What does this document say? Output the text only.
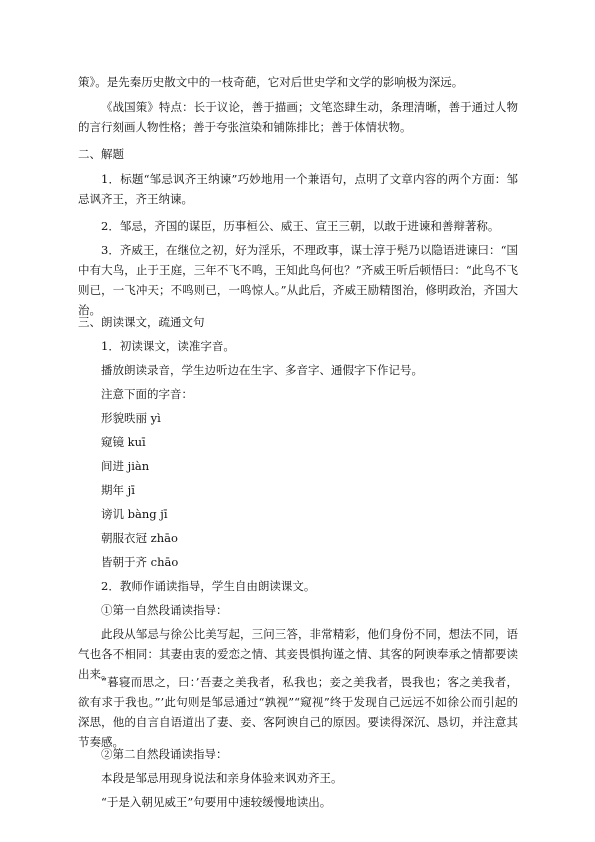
策》。是先秦历史散文中的一枝奇葩，它对后世史学和文学的影响极为深远。

《战国策》特点：长于议论，善于描画；文笔恣肆生动，条理清晰，善于通过人物的言行刻画人物性格；善于夸张渲染和铺陈排比；善于体情状物。

二、解题

1．标题“邹忌讽齐王纳谏”巧妙地用一个兼语句，点明了文章内容的两个方面：邹忌讽齐王，齐王纳谏。

2．邹忌，齐国的谋臣，历事桓公、威王、宣王三朝，以敢于进谏和善辩著称。

3．齐威王，在继位之初，好为淫乐，不理政事，谋士淳于髡乃以隐语进谏曰：“国中有大鸟，止于王庭，三年不飞不鸣，王知此鸟何也？”齐威王听后顿悟曰：“此鸟不飞则已，一飞冲天；不鸣则已，一鸣惊人。”从此后，齐威王励精图治，修明政治，齐国大治。

三、朗读课文，疏通文句

1．初读课文，读准字音。

播放朗读录音，学生边听边在生字、多音字、通假字下作记号。

注意下面的字音：

形貌昳丽 yì

窥镜 kuī

间进 jiàn

期年 jī

谤讥 bàng jī

朝服衣冠 zhāo

皆朝于齐 chāo

2．教师作诵读指导，学生自由朗读课文。

①第一自然段诵读指导：

此段从邹忌与徐公比美写起，三问三答，非常精彩，他们身份不同，想法不同，语气也各不相同：其妻由衷的爱恋之情、其妾畏惧拘谨之情、其客的阿谀奉承之情都要读出来。

“暮寝而思之，曰：’吾妻之美我者，私我也；妾之美我者，畏我也；客之美我者，欲有求于我也。”’此句则是邹忌通过“孰视”“窥视”终于发现自己远远不如徐公而引起的深思，他的自言自语道出了妻、妾、客阿谀自己的原因。要读得深沉、恳切，并注意其节奏感。

②第二自然段诵读指导：

本段是邹忌用现身说法和亲身体验来讽劝齐王。

“于是入朝见威王”句要用中速较缓慢地读出。
